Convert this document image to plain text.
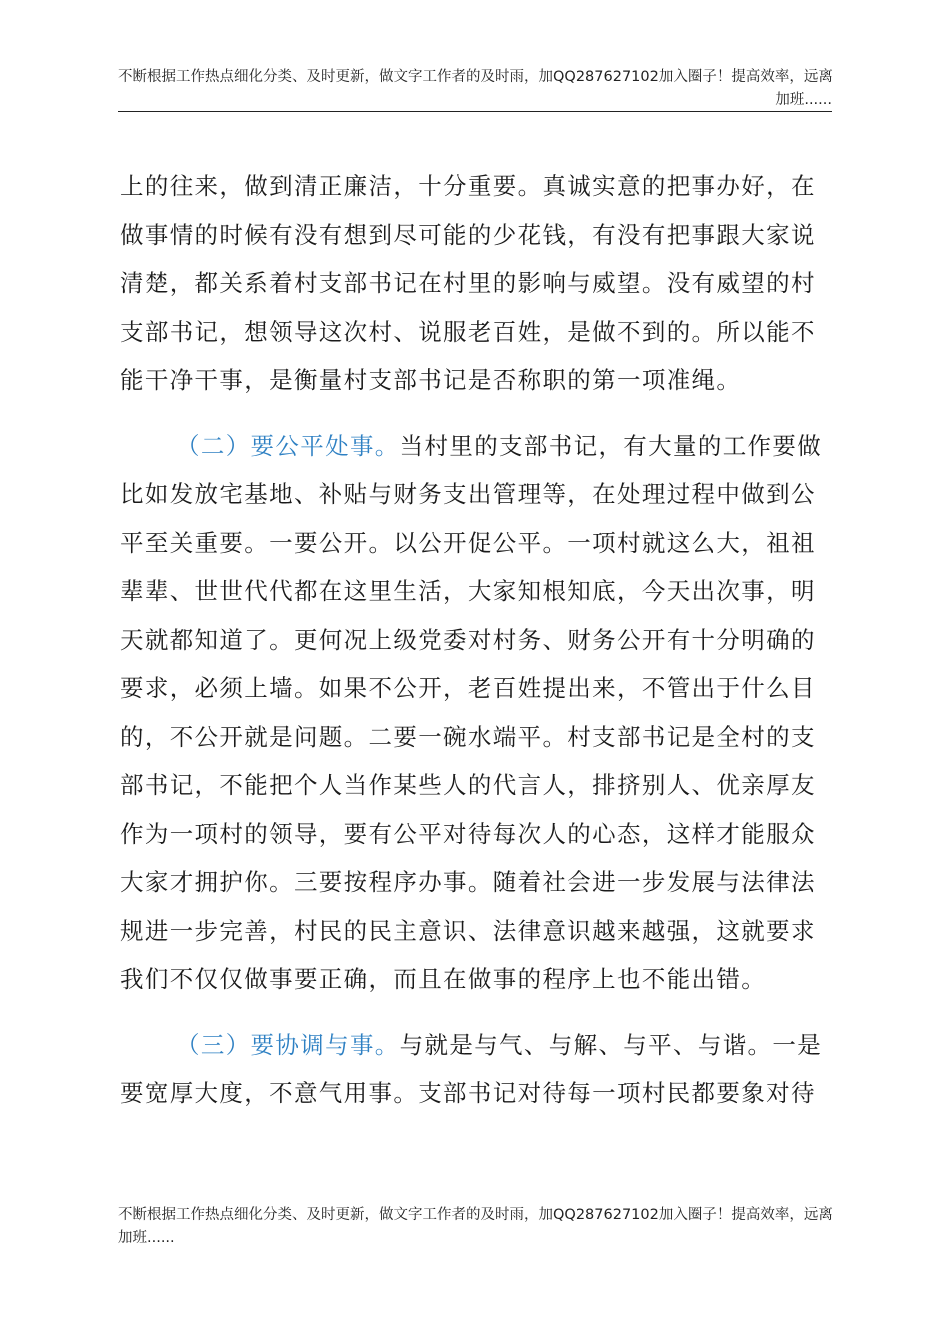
不断根据工作热点细化分类、及时更新，做文字工作者的及时雨，加QQ287627102加入圈子！提高效率，远离
加班......

上的往来，做到清正廉洁，十分重要。真诚实意的把事办好，在
做事情的时候有没有想到尽可能的少花钱，有没有把事跟大家说
清楚，都关系着村支部书记在村里的影响与威望。没有威望的村
支部书记，想领导这次村、说服老百姓，是做不到的。所以能不
能干净干事，是衡量村支部书记是否称职的第一项准绳。

（二）要公平处事。当村里的支部书记，有大量的工作要做
比如发放宅基地、补贴与财务支出管理等，在处理过程中做到公
平至关重要。一要公开。以公开促公平。一项村就这么大，祖祖
辈辈、世世代代都在这里生活，大家知根知底，今天出次事，明
天就都知道了。更何况上级党委对村务、财务公开有十分明确的
要求，必须上墙。如果不公开，老百姓提出来，不管出于什么目
的，不公开就是问题。二要一碗水端平。村支部书记是全村的支
部书记，不能把个人当作某些人的代言人，排挤别人、优亲厚友
作为一项村的领导，要有公平对待每次人的心态，这样才能服众
大家才拥护你。三要按程序办事。随着社会进一步发展与法律法
规进一步完善，村民的民主意识、法律意识越来越强，这就要求
我们不仅仅做事要正确，而且在做事的程序上也不能出错。

（三）要协调与事。与就是与气、与解、与平、与谐。一是
要宽厚大度，不意气用事。支部书记对待每一项村民都要象对待

不断根据工作热点细化分类、及时更新，做文字工作者的及时雨，加QQ287627102加入圈子！提高效率，远离
加班......
